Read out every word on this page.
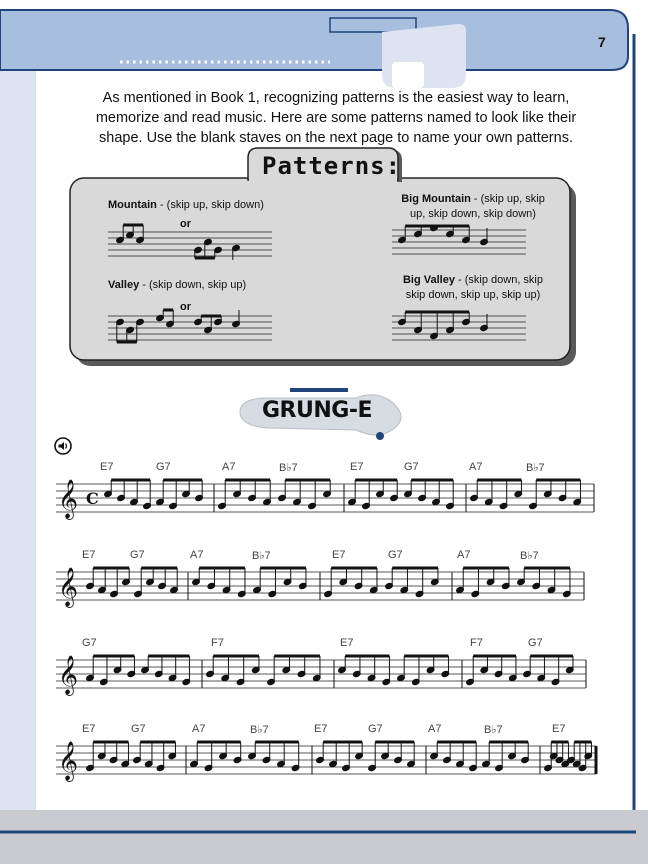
𝄞 C
𝄞
𝄞
𝄞
7
As mentioned in Book 1, recognizing patterns is the easiest way to learn,
memorize and read music. Here are some patterns named to look like their
shape. Use the blank staves on the next page to name your own patterns.
Patterns:
Mountain - (skip up, skip down)
or
Big Mountain - (skip up, skip
up, skip down, skip down)
Valley - (skip down, skip up)
or
Big Valley - (skip down, skip
skip down, skip up, skip up)
GRUNG-E
E7	G7	A7	B♭7	E7	G7	A7	B♭7
E7	G7	A7	B♭7	E7	G7	A7	B♭7
G7	F7	E7	F7	G7
E7	G7	A7	B♭7	E7	G7	A7	B♭7	E7
